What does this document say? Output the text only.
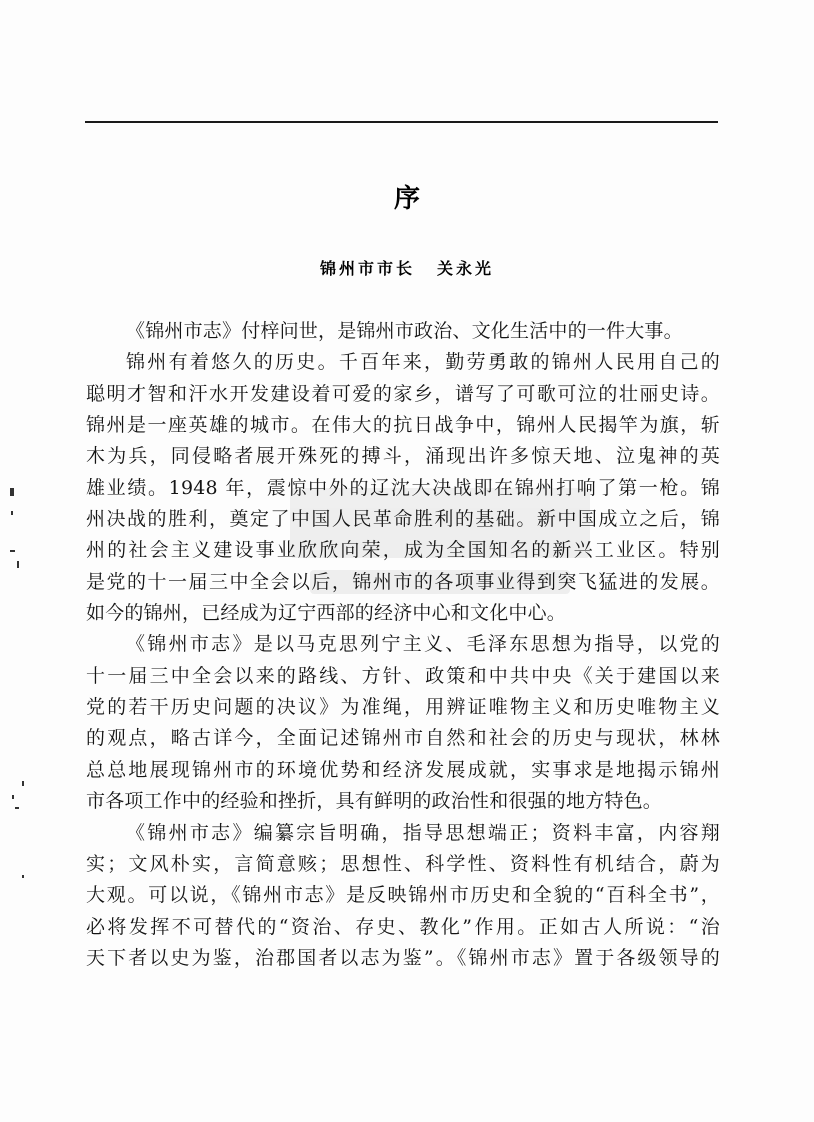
序
锦州市市长 关永光
《锦州市志》付梓问世，是锦州市政治、文化生活中的一件大事。
锦州有着悠久的历史。千百年来，勤劳勇敢的锦州人民用自己的
聪明才智和汗水开发建设着可爱的家乡，谱写了可歌可泣的壮丽史诗。
锦州是一座英雄的城市。在伟大的抗日战争中，锦州人民揭竿为旗，斩
木为兵，同侵略者展开殊死的搏斗，涌现出许多惊天地、泣鬼神的英
雄业绩。1948 年，震惊中外的辽沈大决战即在锦州打响了第一枪。锦
州决战的胜利，奠定了中国人民革命胜利的基础。新中国成立之后，锦
州的社会主义建设事业欣欣向荣，成为全国知名的新兴工业区。特别
是党的十一届三中全会以后，锦州市的各项事业得到突飞猛进的发展。
如今的锦州，已经成为辽宁西部的经济中心和文化中心。
《锦州市志》是以马克思列宁主义、毛泽东思想为指导，以党的
十一届三中全会以来的路线、方针、政策和中共中央《关于建国以来
党的若干历史问题的决议》为准绳，用辨证唯物主义和历史唯物主义
的观点，略古详今，全面记述锦州市自然和社会的历史与现状，林林
总总地展现锦州市的环境优势和经济发展成就，实事求是地揭示锦州
市各项工作中的经验和挫折，具有鲜明的政治性和很强的地方特色。
《锦州市志》编纂宗旨明确，指导思想端正；资料丰富，内容翔
实；文风朴实，言简意赅；思想性、科学性、资料性有机结合，蔚为
大观。可以说，《锦州市志》是反映锦州市历史和全貌的“百科全书”，
必将发挥不可替代的“资治、存史、教化”作用。正如古人所说：“治
天下者以史为鉴，治郡国者以志为鉴”。《锦州市志》置于各级领导的
